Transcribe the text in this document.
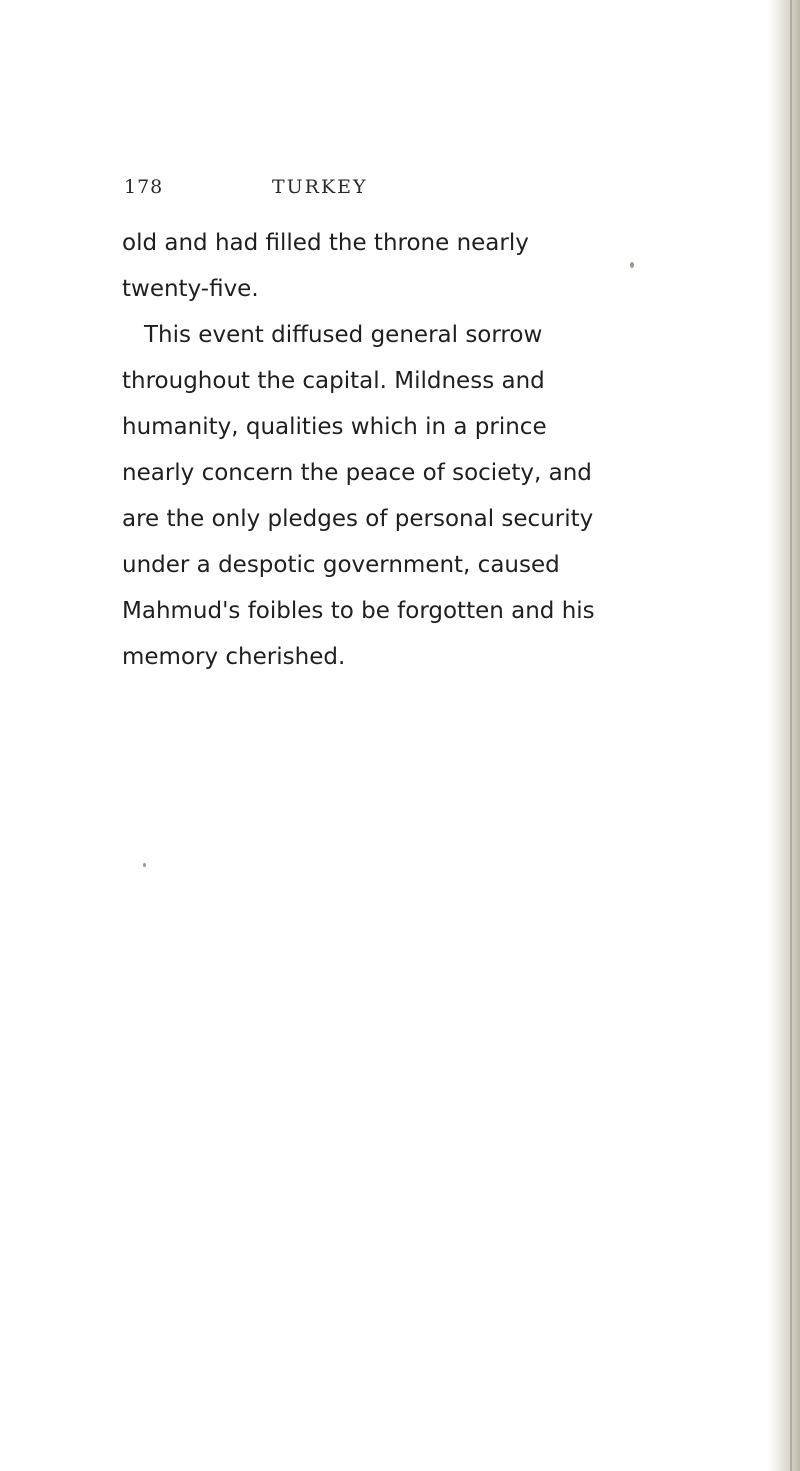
178	TURKEY
old and had filled the throne nearly
twenty-five.
This event diffused general sorrow
throughout the capital. Mildness and
humanity, qualities which in a prince
nearly concern the peace of society, and
are the only pledges of personal security
under a despotic government, caused
Mahmud's foibles to be forgotten and his
memory cherished.
